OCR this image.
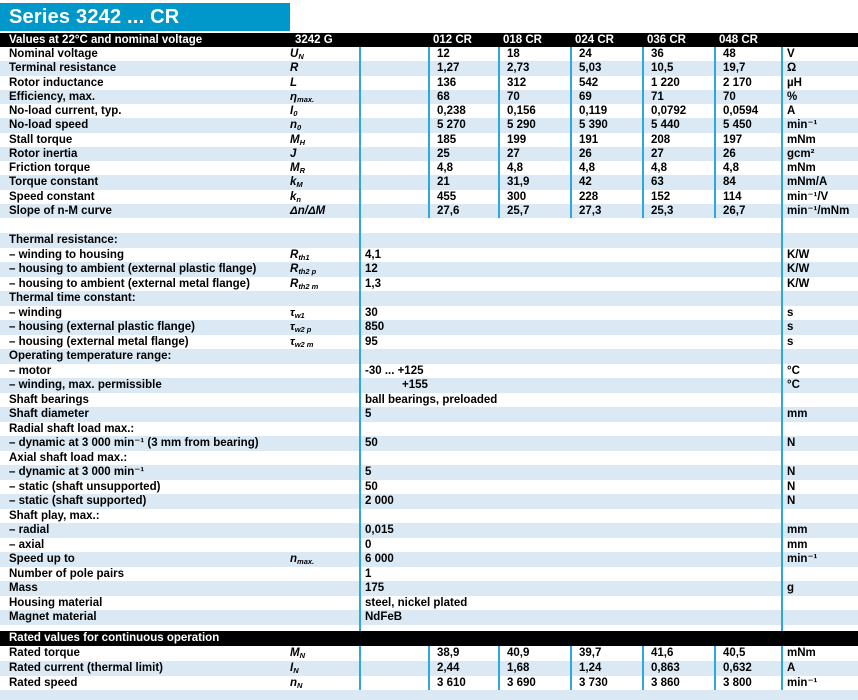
Series 3242 ... CR
Values at 22°C and nominal voltage	3242 G	012 CR	018 CR	024 CR	036 CR	048 CR
Nominal voltage	$U_N$	12	18	24	36	48	V
Terminal resistance	R	1,27	2,73	5,03	10,5	19,7	Ω
Rotor inductance	L	136	312	542	1 220	2 170	µH
Efficiency, max.	$\eta_{max.}$	68	70	69	71	70	%
No-load current, typ.	$I_0$	0,238	0,156	0,119	0,0792	0,0594	A
No-load speed	$n_0$	5 270	5 290	5 390	5 440	5 450	min⁻¹
Stall torque	$M_H$	185	199	191	208	197	mNm
Rotor inertia	J	25	27	26	27	26	gcm²
Friction torque	$M_R$	4,8	4,8	4,8	4,8	4,8	mNm
Torque constant	$k_M$	21	31,9	42	63	84	mNm/A
Speed constant	$k_n$	455	300	228	152	114	min⁻¹/V
Slope of n-M curve	Δn/ΔM	27,6	25,7	27,3	25,3	26,7	min⁻¹/mNm
Thermal resistance:
– winding to housing	$R_{th1}$	4,1	K/W
– housing to ambient (external plastic flange)	$R_{th2 p}$	12	K/W
– housing to ambient (external metal flange)	$R_{th2 m}$	1,3	K/W
Thermal time constant:
– winding	$\tau_{w1}$	30	s
– housing (external plastic flange)	$\tau_{w2 p}$	850	s
– housing (external metal flange)	$\tau_{w2 m}$	95	s
Operating temperature range:
– motor	-30 ... +125	°C
– winding, max. permissible	+155	°C
Shaft bearings	ball bearings, preloaded
Shaft diameter	5	mm
Radial shaft load max.:
– dynamic at 3 000 min⁻¹ (3 mm from bearing)	50	N
Axial shaft load max.:
– dynamic at 3 000 min⁻¹	5	N
– static (shaft unsupported)	50	N
– static (shaft supported)	2 000	N
Shaft play, max.:
– radial	0,015	mm
– axial	0	mm
Speed up to	$n_{max.}$	6 000	min⁻¹
Number of pole pairs	1
Mass	175	g
Housing material	steel, nickel plated
Magnet material	NdFeB
Rated values for continuous operation
Rated torque	$M_N$	38,9	40,9	39,7	41,6	40,5	mNm
Rated current (thermal limit)	$I_N$	2,44	1,68	1,24	0,863	0,632	A
Rated speed	$n_N$	3 610	3 690	3 730	3 860	3 800	min⁻¹
